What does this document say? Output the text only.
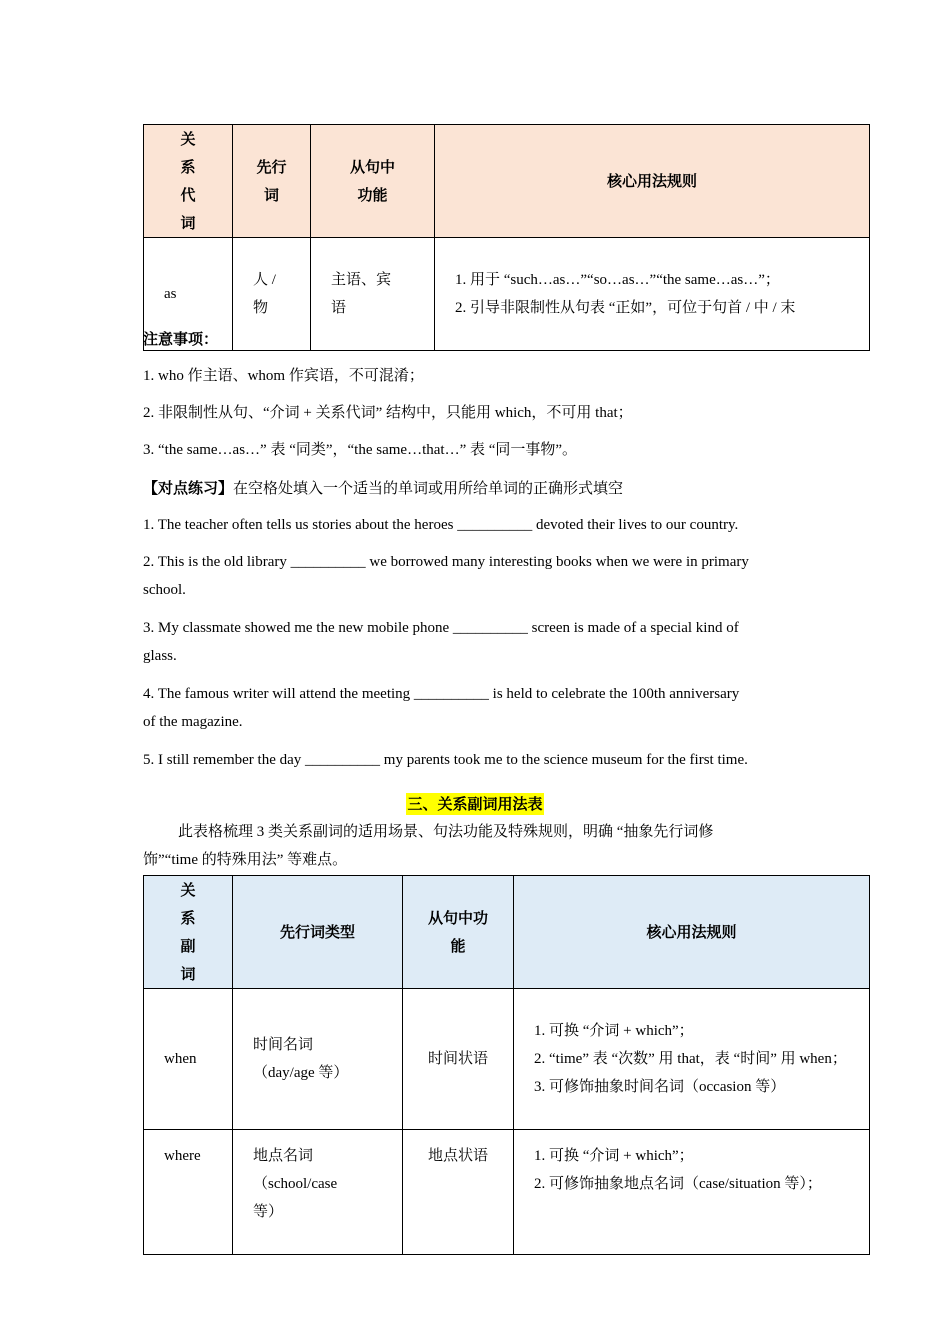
关系代词	先行词	从句中功能	核心用法规则
as	人 / 物	主语、宾语	1. 用于 “such…as…”“so…as…”“the same…as…”；
2. 引导非限制性从句表 “正如”，可位于句首 / 中 / 末
注意事项：
1. who 作主语、whom 作宾语，不可混淆；
2. 非限制性从句、“介词 + 关系代词” 结构中，只能用 which，不可用 that；
3. “the same…as…” 表 “同类”，“the same…that…” 表 “同一事物”。
【对点练习】在空格处填入一个适当的单词或用所给单词的正确形式填空
1. The teacher often tells us stories about the heroes __________ devoted their lives to our country.
2. This is the old library __________ we borrowed many interesting books when we were in primary
school.
3. My classmate showed me the new mobile phone __________ screen is made of a special kind of
glass.
4. The famous writer will attend the meeting __________ is held to celebrate the 100th anniversary
of the magazine.
5. I still remember the day __________ my parents took me to the science museum for the first time.
三、关系副词用法表
此表格梳理 3 类关系副词的适用场景、句法功能及特殊规则，明确 “抽象先行词修
饰”“time 的特殊用法” 等难点。
关系副词	先行词类型	从句中功能	核心用法规则
when	时间名词（day/age 等）	时间状语	1. 可换 “介词 + which”；
2. “time” 表 “次数” 用 that，表 “时间” 用 when；
3. 可修饰抽象时间名词（occasion 等）

where	地点名词（school/case 等）	地点状语	1. 可换 “介词 + which”；
2. 可修饰抽象地点名词（case/situation 等）；
